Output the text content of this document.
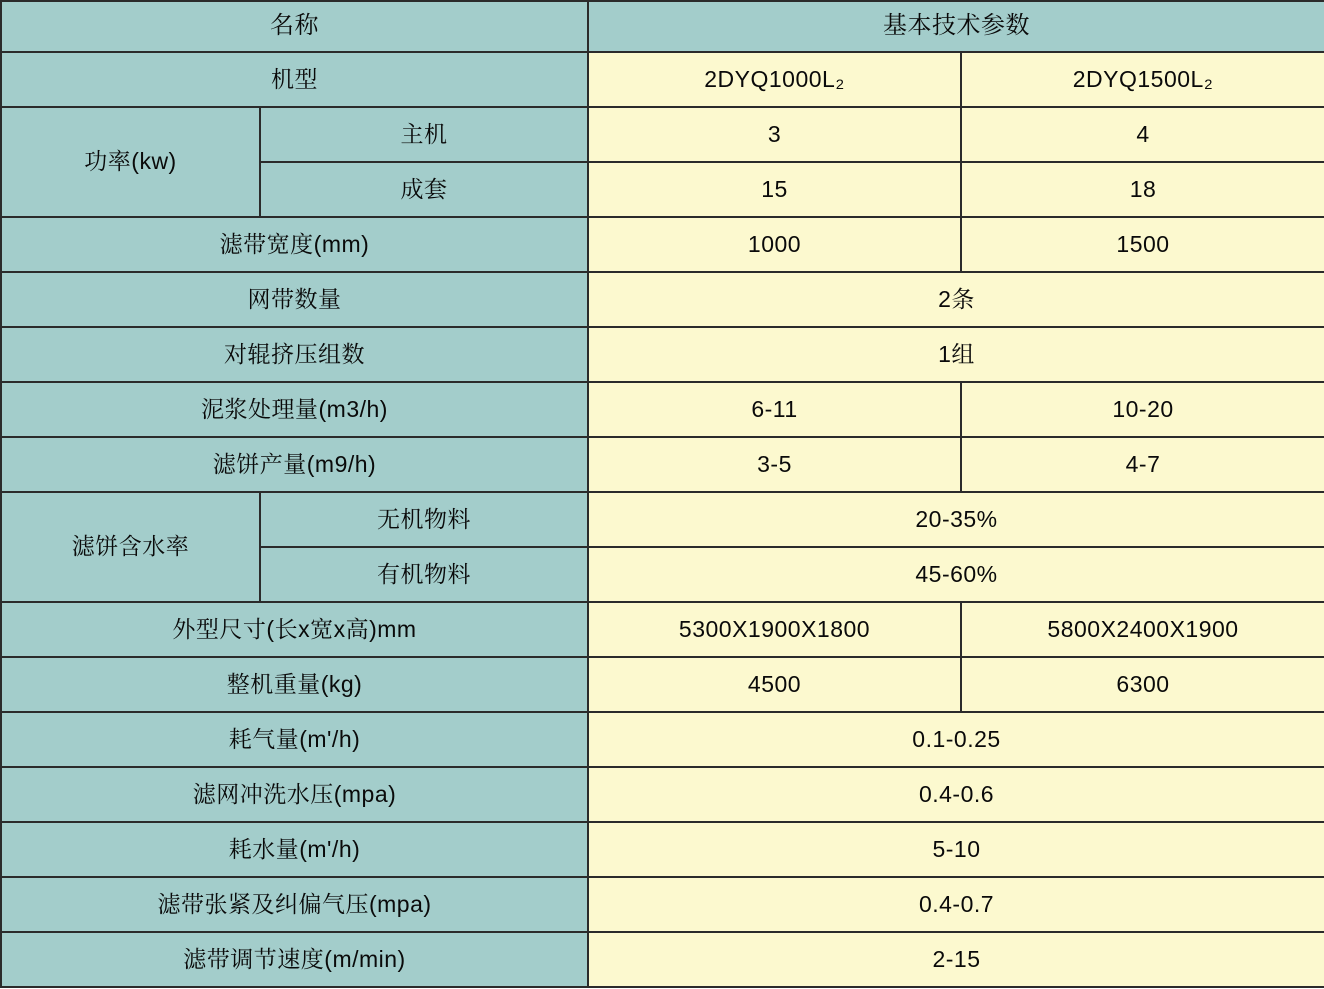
名称		基本技术参数	
机型		2DYQ1000L₂	2DYQ1500L₂
功率(kw)	主机	3	4
	成套	15	18
滤带宽度(mm)		1000	1500
网带数量		2条	
对辊挤压组数		1组	
泥浆处理量(m3/h)		6-11	10-20
滤饼产量(m9/h)		3-5	4-7
滤饼含水率	无机物料	20-35%	
	有机物料	45-60%	
外型尺寸(长x宽x高)mm		5300X1900X1800	5800X2400X1900
整机重量(kg)		4500	6300
耗气量(m'/h)		0.1-0.25	
滤网冲洗水压(mpa)		0.4-0.6	
耗水量(m'/h)		5-10	
滤带张紧及纠偏气压(mpa)		0.4-0.7	
滤带调节速度(m/min)		2-15	
